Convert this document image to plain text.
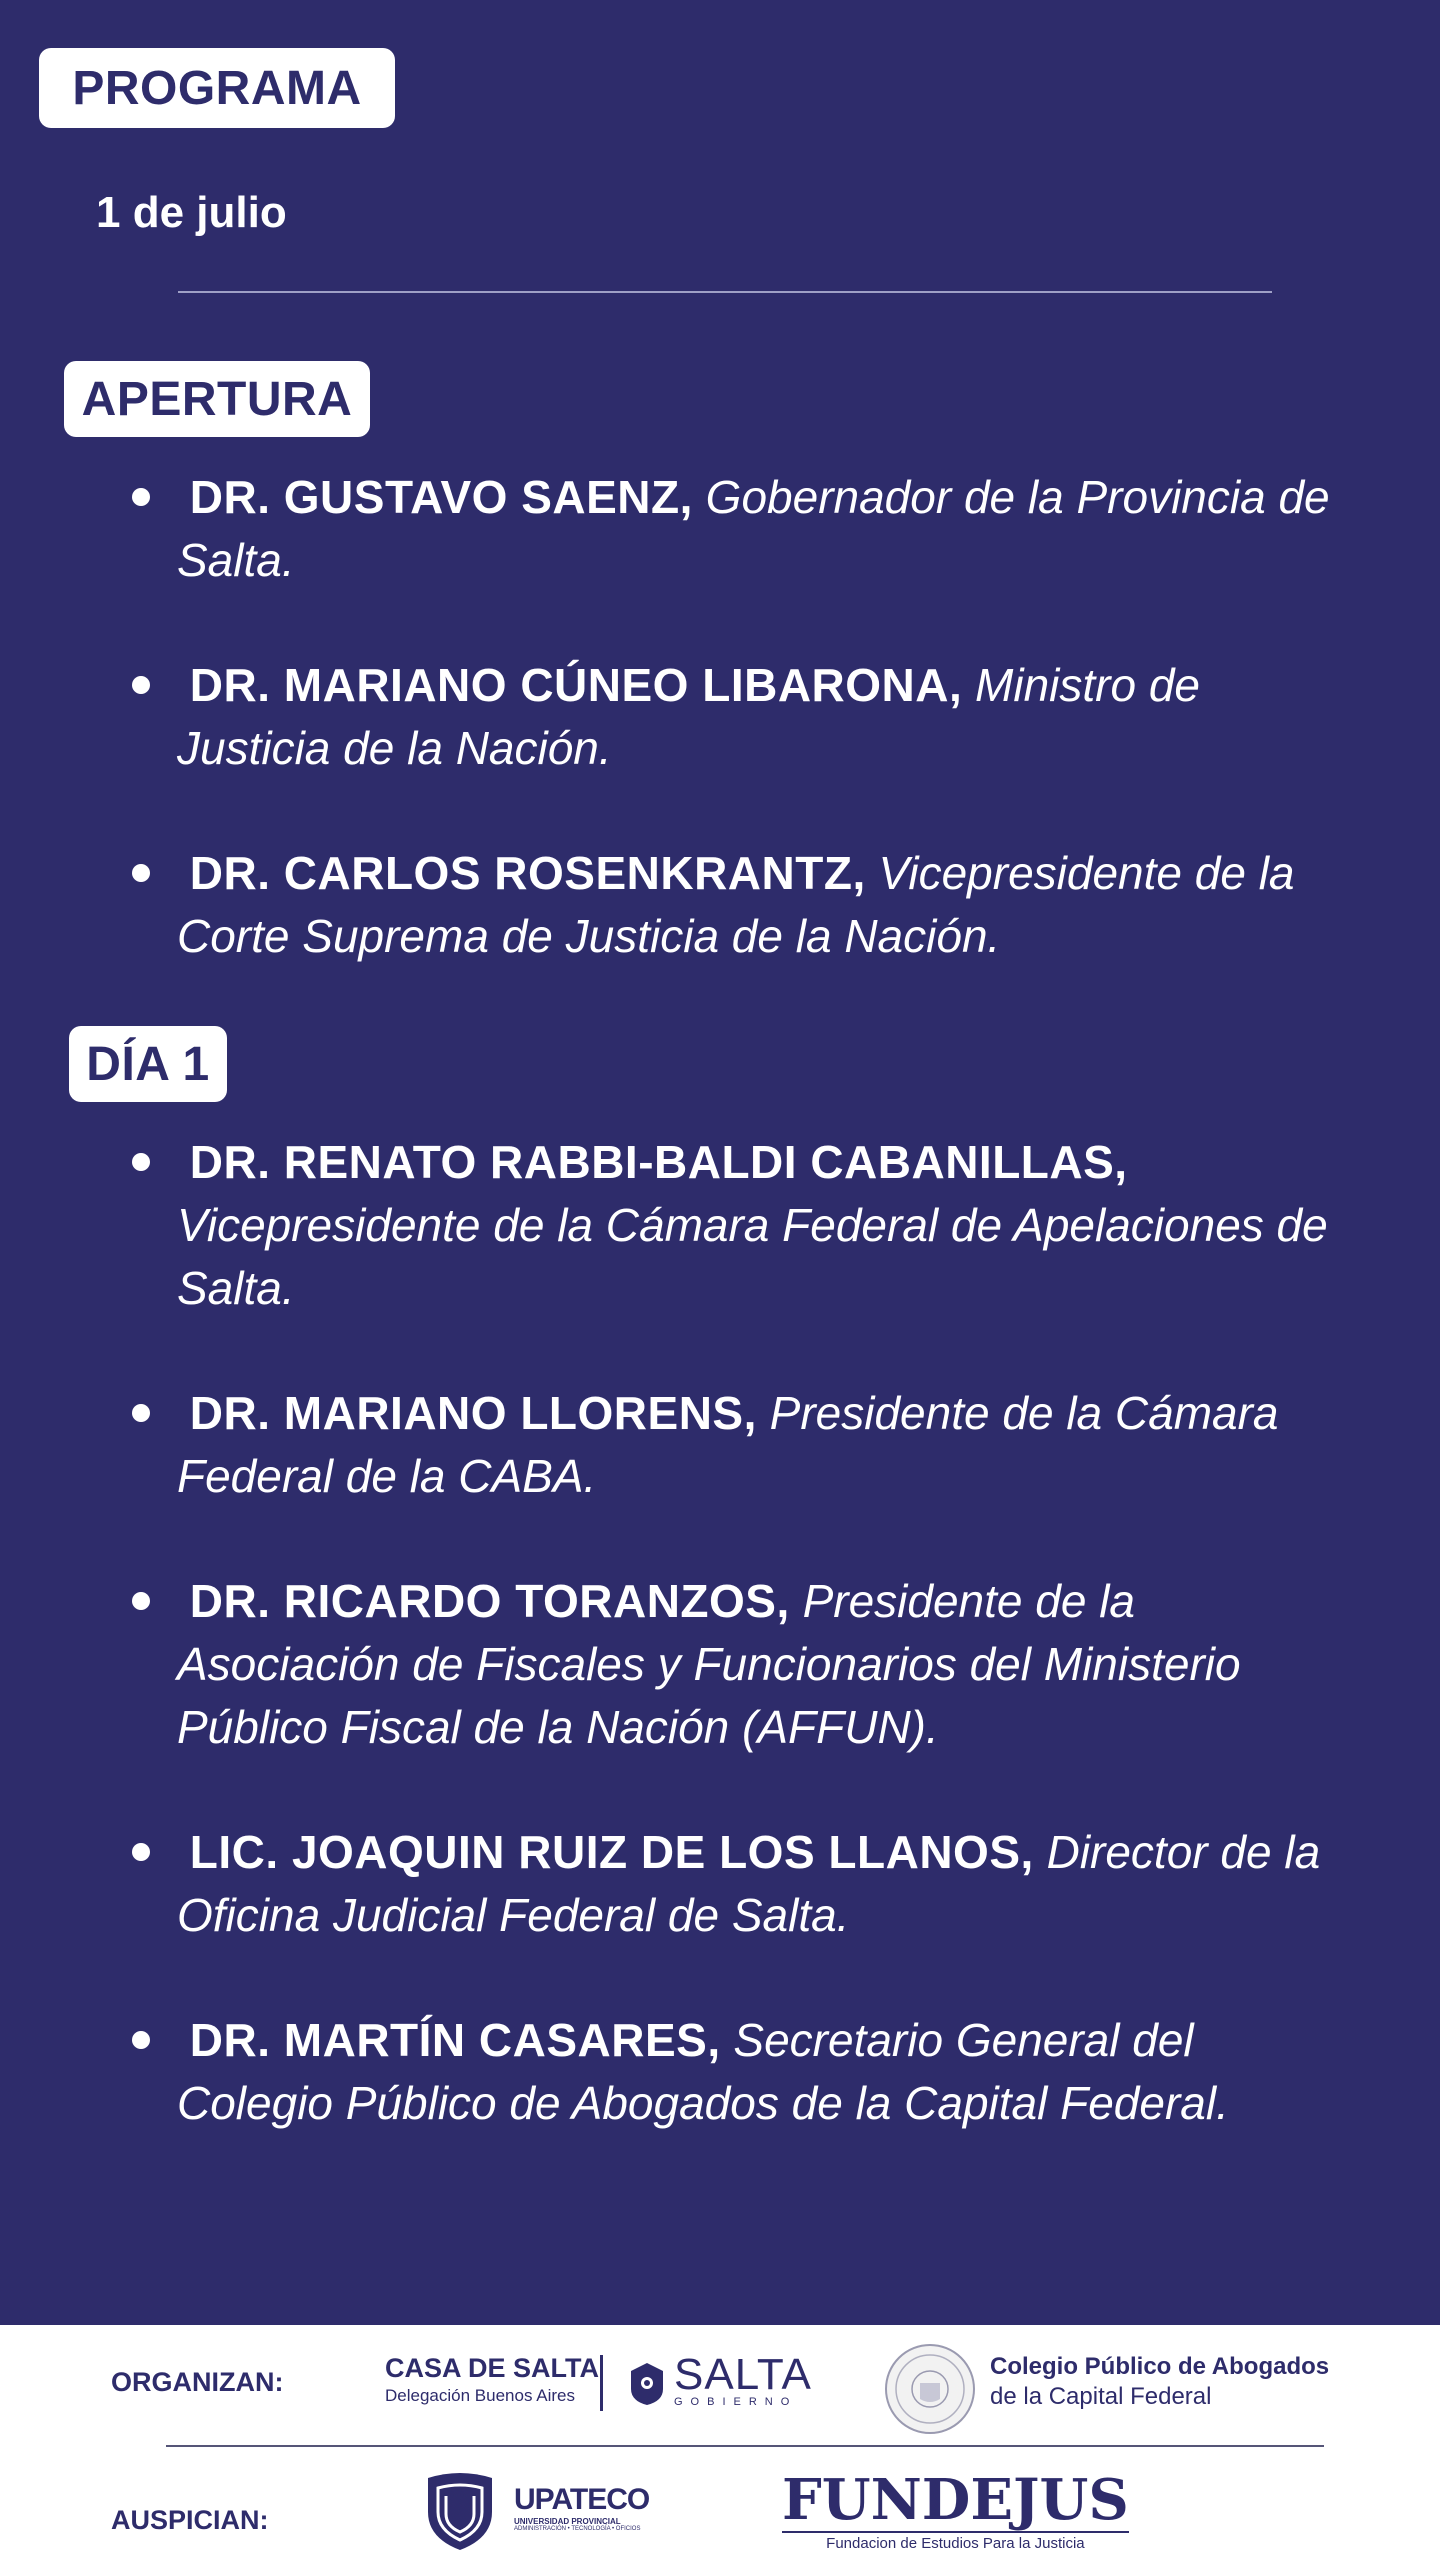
PROGRAMA
1 de julio
APERTURA
DR. GUSTAVO SAENZ, Gobernador de la Provincia de Salta.
DR. MARIANO CÚNEO LIBARONA, Ministro de Justicia de la Nación.
DR. CARLOS ROSENKRANTZ, Vicepresidente de la Corte Suprema de Justicia de la Nación.
DÍA 1
DR. RENATO RABBI-BALDI CABANILLAS, Vicepresidente de la Cámara Federal de Apelaciones de Salta.
DR. MARIANO LLORENS, Presidente de la Cámara Federal de la CABA.
DR. RICARDO TORANZOS, Presidente de la Asociación de Fiscales y Funcionarios del Ministerio Público Fiscal de la Nación (AFFUN).
LIC. JOAQUIN RUIZ DE LOS LLANOS, Director de la Oficina Judicial Federal de Salta.
DR. MARTÍN CASARES, Secretario General del Colegio Público de Abogados de la Capital Federal.
ORGANIZAN:	CASA DE SALTA
Delegación Buenos Aires	SALTA
GOBIERNO
Colegio Público de Abogados
de la Capital Federal
AUSPICIAN:
UPATECO
UNIVERSIDAD PROVINCIAL
ADMINISTRACIÓN • TECNOLOGÍA • OFICIOS	FUNDEJUS
Fundacion de Estudios Para la Justicia
